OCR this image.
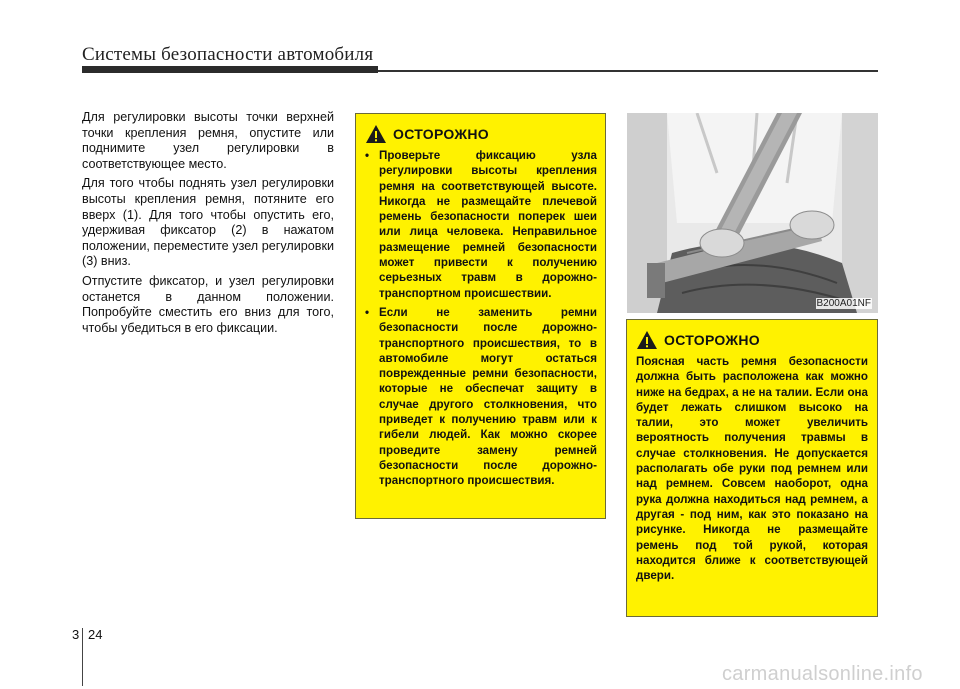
Системы безопасности автомобиля

Для регулировки высоты точки верхней точки крепления ремня, опустите или поднимите узел регулировки в соответствующее место.

Для того чтобы поднять узел регулировки высоты крепления ремня, потяните его вверх (1). Для того чтобы опустить его, удерживая фиксатор (2) в нажатом положении, переместите узел регулировки (3) вниз.

Отпустите фиксатор, и узел регулировки останется в данном положении. Попробуйте сместить его вниз для того, чтобы убедиться в его фиксации.

ОСТОРОЖНО
• Проверьте фиксацию узла регулировки высоты крепления ремня на соответствующей высоте. Никогда не размещайте плечевой ремень безопасности поперек шеи или лица человека. Неправильное размещение ремней безопасности может привести к получению серьезных травм в дорожно-транспортном происшествии.
• Если не заменить ремни безопасности после дорожно-транспортного происшествия, то в автомобиле могут остаться поврежденные ремни безопасности, которые не обеспечат защиту в случае другого столкновения, что приведет к получению травм или к гибели людей. Как можно скорее проведите замену ремней безопасности после дорожно-транспортного происшествия.
B200A01NF
ОСТОРОЖНО
Поясная часть ремня безопасности должна быть расположена как можно ниже на бедрах, а не на талии. Если она будет лежать слишком высоко на талии, это может увеличить вероятность получения травмы в случае столкновения. Не допускается располагать обе руки под ремнем или над ремнем. Совсем наоборот, одна рука должна находиться над ремнем, а другая - под ним, как это показано на рисунке. Никогда не размещайте ремень под той рукой, которая находится ближе к соответствующей двери.
3 24
carmanualsonline.info
